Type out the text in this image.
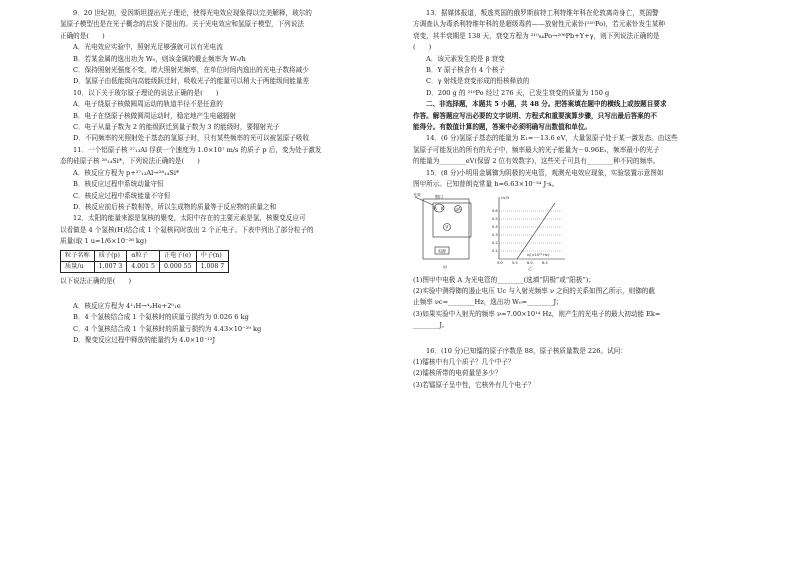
9．20 世纪初，爱因斯坦提出光子理论，使得光电效应现象得以完美解释，玻尔的

氢原子模型也是在光子概念的启发下提出的。关于光电效应和氢原子模型，下列说法

正确的是(　　)

A．光电效应实验中，照射光足够强就可以有光电流

B．若某金属的逸出功为 W₀，则该金属的截止频率为 W₀/h

C．保持照射光强度不变，增大照射光频率，在单位时间内逸出的光电子数将减少

D．氢原子由低能级向高能级跃迁时，吸收光子的能量可以稍大于两能级间能量差

10．以下关于玻尔原子理论的说法正确的是(　　)

A．电子绕原子核做圆周运动的轨道半径不是任意的

B．电子在绕原子核做圆周运动时，稳定地产生电磁辐射

C．电子从量子数为 2 的能级跃迁到量子数为 3 的能级时，要辐射光子

D．不同频率的光照射处于基态的氢原子时，只有某些频率的光可以被氢原子吸收

11．一个铝原子核 ²⁷₁₃Al 俘获一个速度为 1.0×10⁷ m/s 的质子 p 后，变为处于激发

态的硅原子核 ²⁸₁₄Si*，下列说法正确的是(　　)

A．核反应方程为 p+²⁷₁₃Al→²⁸₁₄Si*

B．核反应过程中系统动量守恒

C．核反应过程中系统能量不守恒

D．核反应前后核子数相等，所以生成物的质量等于反应物的质量之和

12．太阳的能量来源是氢核的聚变，太阳中存在的主要元素是氢，核聚变反应可

以看做是 4 个氢核(H)结合成 1 个氦核同时放出 2 个正电子。下表中列出了部分粒子的

质量(取 1 u=1/6×10⁻²⁶ kg)

粒子名称	质子(p)	α粒子	正电子(e)	中子(n)
质量/u	1.007 3	4.001 5	0.000 55	1.008 7

以下说法正确的是(　　)

A．核反应方程为 4¹₁H→⁴₂He+2⁰₁e

B．4 个氢核结合成 1 个氦核时的质量亏损约为 0.026 6 kg

C．4 个氢核结合成 1 个氦核时的质量亏损约为 4.43×10⁻²⁹ kg

D．聚变反应过程中释放的能量约为 4.0×10⁻¹²J

13．据媒体报道，叛逃英国的俄罗斯前特工利特维年科在伦敦离奇身亡，英国警

方调查认为毒杀利特维年科的是超级毒药——放射性元素钋(²¹⁰Po)，若元素钋发生某种

衰变，其半衰期是 138 天，衰变方程为 ²¹⁰₈₄Po→²⁰⁶Pb+Y+γ，则下列说法正确的是

(　　)

A．该元素发生的是 β 衰变

B．Y 原子核含有 4 个核子

C．γ 射线是衰变形成的铅核释放的

D．200 g 的 ²¹⁰Po 经过 276 天，已发生衰变的质量为 150 g

二、非选择题，本题共 5 小题，共 48 分。把答案填在题中的横线上或按题目要求

作答。解答题应写出必要的文字说明、方程式和重要演算步骤，只写出最后答案的不

能得分。有数值计算的题，答案中必须明确写出数值和单位。

14．(6 分)氢原子基态的能量为 E₁=－13.6 eV，大量氢原子处于某一激发态。由这些

氢原子可能发出的所有的光子中，频率最大的光子能量为－0.96E₁，频率最小的光子

的能量为________eV(保留 2 位有效数字)，这些光子可具有________种不同的频率。

15．(8 分)小明用金属铷为阴极的光电管，观测光电效应现象，实验装置示意图如

图甲所示。已知普朗克常量 h=6.63×10⁻³⁴ J·s。

光束	窗口
A K
V
μA
电源
甲
Uc/V
ν/(×10¹⁴ Hz)
0.6
0.5
0.4
0.3
0.2
0.1
5.0	5.5	6.0	6.5
乙

(1)图甲中电极 A 为光电管的________(选填“阴极”或“阳极”)；

(2)实验中测得铷的遏止电压 Uc 与入射光频率 ν 之间的关系如图乙所示，则铷的截

止频率 νc=________Hz，逸出功 W₀=________J；

(3)如果实验中入射光的频率 ν=7.00×10¹⁴ Hz，则产生的光电子的最大初动能 Ek=

________J。

16．(10 分)已知镭的原子序数是 88，原子核质量数是 226。试问：

(1)镭核中有几个质子？几个中子？

(2)镭核所带的电荷量是多少？

(3)若镭原子呈中性，它核外有几个电子？
